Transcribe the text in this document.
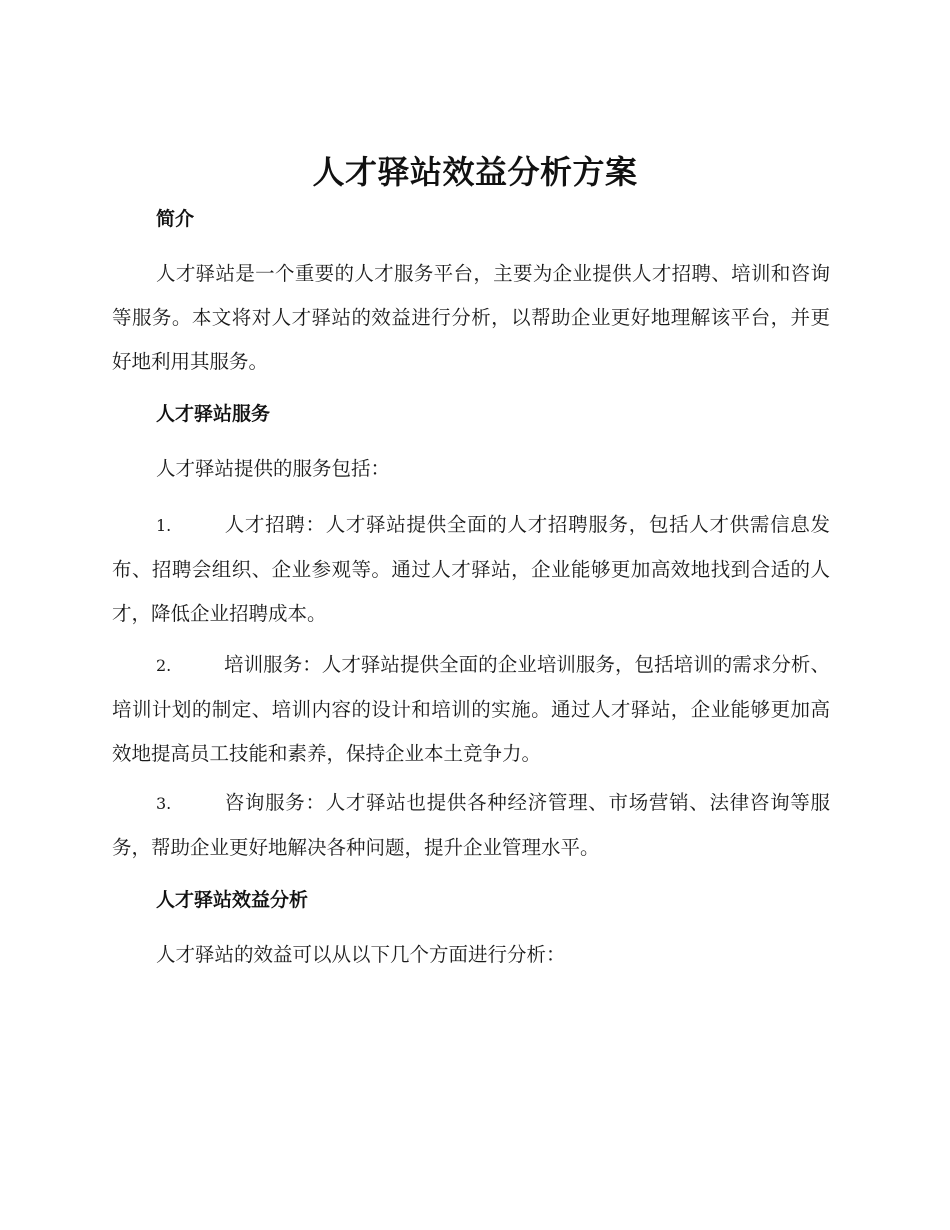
人才驿站效益分析方案
简介
人才驿站是一个重要的人才服务平台，主要为企业提供人才招聘、培训和咨询等服务。本文将对人才驿站的效益进行分析，以帮助企业更好地理解该平台，并更好地利用其服务。
人才驿站服务
人才驿站提供的服务包括：
1.	人才招聘：人才驿站提供全面的人才招聘服务，包括人才供需信息发布、招聘会组织、企业参观等。通过人才驿站，企业能够更加高效地找到合适的人才，降低企业招聘成本。
2.	培训服务：人才驿站提供全面的企业培训服务，包括培训的需求分析、培训计划的制定、培训内容的设计和培训的实施。通过人才驿站，企业能够更加高效地提高员工技能和素养，保持企业本土竞争力。
3.	咨询服务：人才驿站也提供各种经济管理、市场营销、法律咨询等服务，帮助企业更好地解决各种问题，提升企业管理水平。
人才驿站效益分析
人才驿站的效益可以从以下几个方面进行分析：
